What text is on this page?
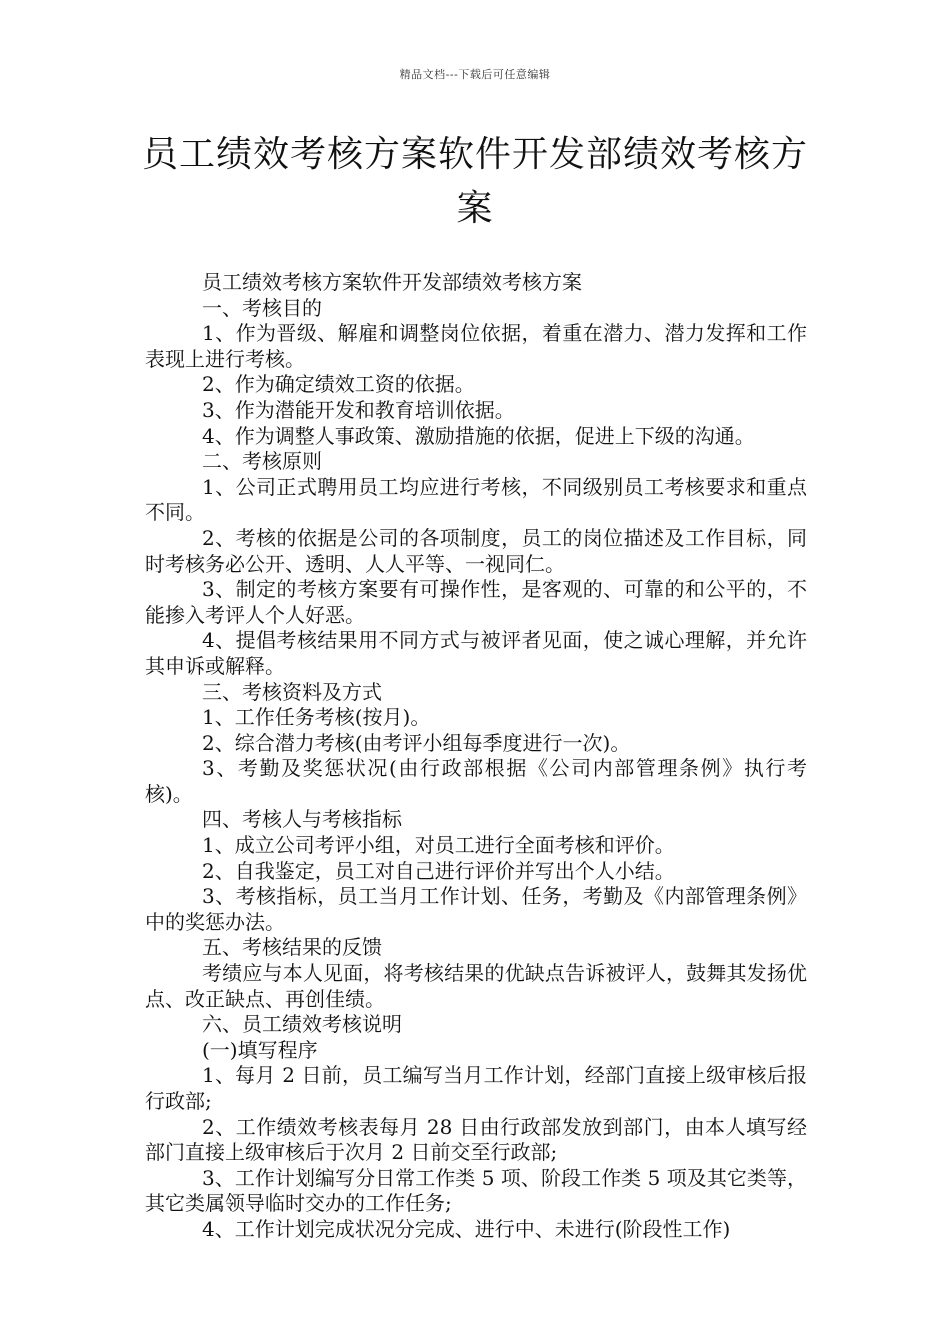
精品文档---下载后可任意编辑
员工绩效考核方案软件开发部绩效考核方案

员工绩效考核方案软件开发部绩效考核方案

一、考核目的

1、作为晋级、解雇和调整岗位依据，着重在潜力、潜力发挥和工作表现上进行考核。

2、作为确定绩效工资的依据。

3、作为潜能开发和教育培训依据。

4、作为调整人事政策、激励措施的依据，促进上下级的沟通。

二、考核原则

1、公司正式聘用员工均应进行考核，不同级别员工考核要求和重点不同。

2、考核的依据是公司的各项制度，员工的岗位描述及工作目标，同时考核务必公开、透明、人人平等、一视同仁。

3、制定的考核方案要有可操作性，是客观的、可靠的和公平的，不能掺入考评人个人好恶。

4、提倡考核结果用不同方式与被评者见面，使之诚心理解，并允许其申诉或解释。

三、考核资料及方式

1、工作任务考核(按月)。

2、综合潜力考核(由考评小组每季度进行一次)。

3、考勤及奖惩状况(由行政部根据《公司内部管理条例》执行考核)。

四、考核人与考核指标

1、成立公司考评小组，对员工进行全面考核和评价。

2、自我鉴定，员工对自己进行评价并写出个人小结。

3、考核指标，员工当月工作计划、任务，考勤及《内部管理条例》中的奖惩办法。

五、考核结果的反馈

考绩应与本人见面，将考核结果的优缺点告诉被评人，鼓舞其发扬优点、改正缺点、再创佳绩。

六、员工绩效考核说明

(一)填写程序

1、每月 2 日前，员工编写当月工作计划，经部门直接上级审核后报行政部;

2、工作绩效考核表每月 28 日由行政部发放到部门，由本人填写经部门直接上级审核后于次月 2 日前交至行政部;

3、工作计划编写分日常工作类 5 项、阶段工作类 5 项及其它类等，其它类属领导临时交办的工作任务;

4、工作计划完成状况分完成、进行中、未进行(阶段性工作)
